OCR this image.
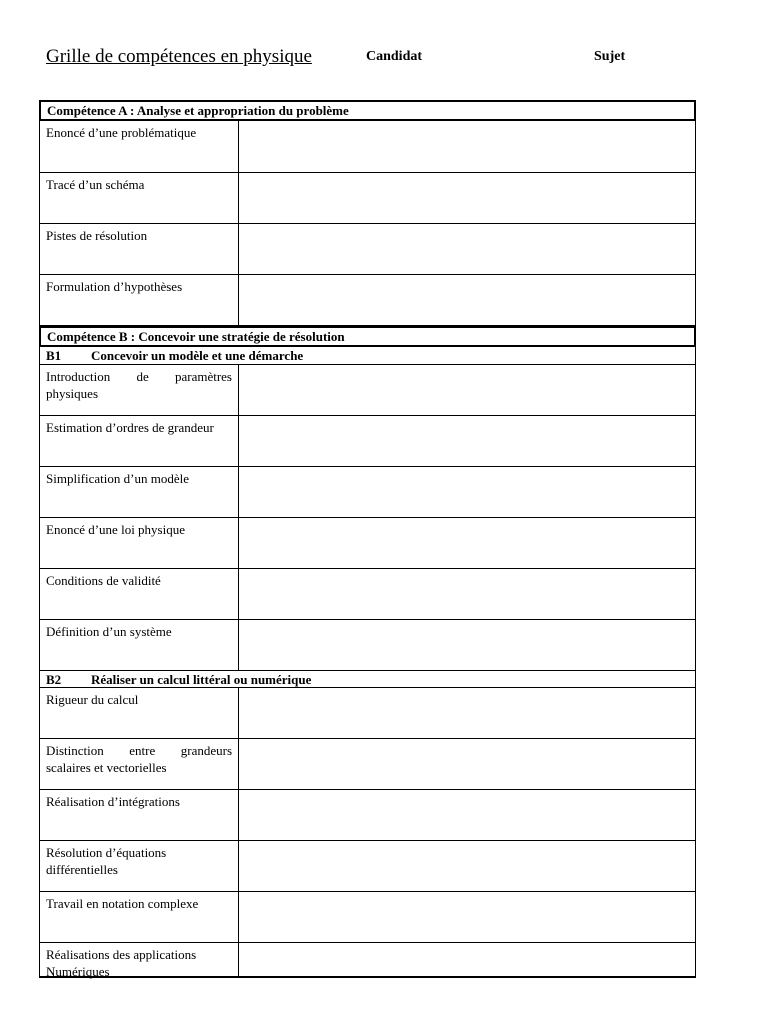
Grille de compétences en physique	Candidat	Sujet
Compétence A : Analyse et appropriation du problème
Enoncé d’une problématique
Tracé d’un schéma
Pistes de résolution
Formulation d’hypothèses
Compétence B : Concevoir une stratégie de résolution
B1 Concevoir un modèle et une démarche
Introduction de paramètres physiques
Estimation d’ordres de grandeur
Simplification d’un modèle
Enoncé d’une loi physique
Conditions de validité
Définition d’un système
B2 Réaliser un calcul littéral ou numérique
Rigueur du calcul
Distinction entre grandeurs scalaires et vectorielles
Réalisation d’intégrations
Résolution d’équations différentielles
Travail en notation complexe
Réalisations des applications Numériques
